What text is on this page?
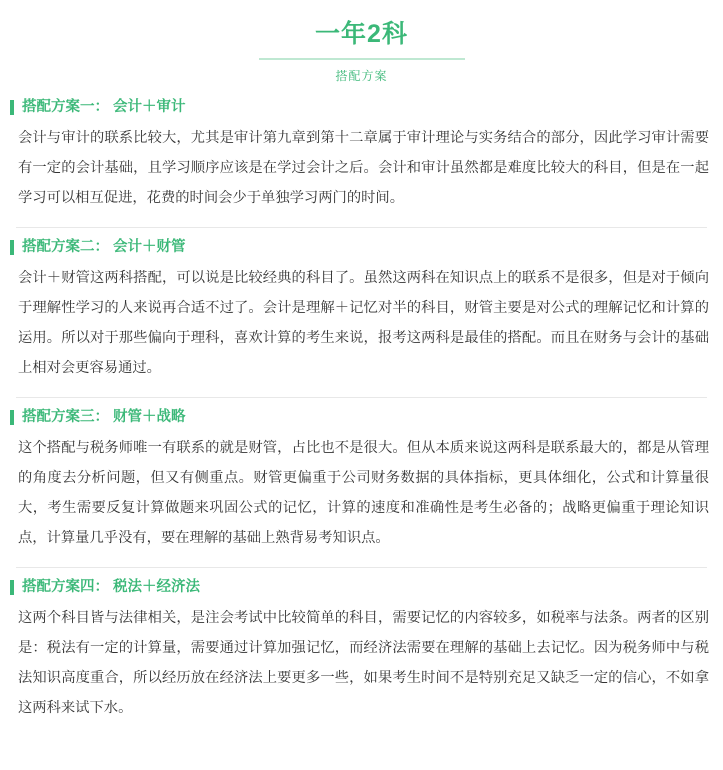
一年2科
搭配方案
搭配方案一： 会计＋审计
会计与审计的联系比较大，尤其是审计第九章到第十二章属于审计理论与实务结合的部分，因此学习审计需要有一定的会计基础，且学习顺序应该是在学过会计之后。会计和审计虽然都是难度比较大的科目，但是在一起学习可以相互促进，花费的时间会少于单独学习两门的时间。
搭配方案二： 会计＋财管
会计＋财管这两科搭配，可以说是比较经典的科目了。虽然这两科在知识点上的联系不是很多，但是对于倾向于理解性学习的人来说再合适不过了。会计是理解＋记忆对半的科目，财管主要是对公式的理解记忆和计算的运用。所以对于那些偏向于理科，喜欢计算的考生来说，报考这两科是最佳的搭配。而且在财务与会计的基础上相对会更容易通过。
搭配方案三： 财管＋战略
这个搭配与税务师唯一有联系的就是财管，占比也不是很大。但从本质来说这两科是联系最大的，都是从管理的角度去分析问题，但又有侧重点。财管更偏重于公司财务数据的具体指标，更具体细化，公式和计算量很大，考生需要反复计算做题来巩固公式的记忆，计算的速度和准确性是考生必备的；战略更偏重于理论知识点，计算量几乎没有，要在理解的基础上熟背易考知识点。
搭配方案四： 税法＋经济法
这两个科目皆与法律相关，是注会考试中比较简单的科目，需要记忆的内容较多，如税率与法条。两者的区别是：税法有一定的计算量，需要通过计算加强记忆，而经济法需要在理解的基础上去记忆。因为税务师中与税法知识高度重合，所以经历放在经济法上要更多一些，如果考生时间不是特别充足又缺乏一定的信心，不如拿这两科来试下水。
